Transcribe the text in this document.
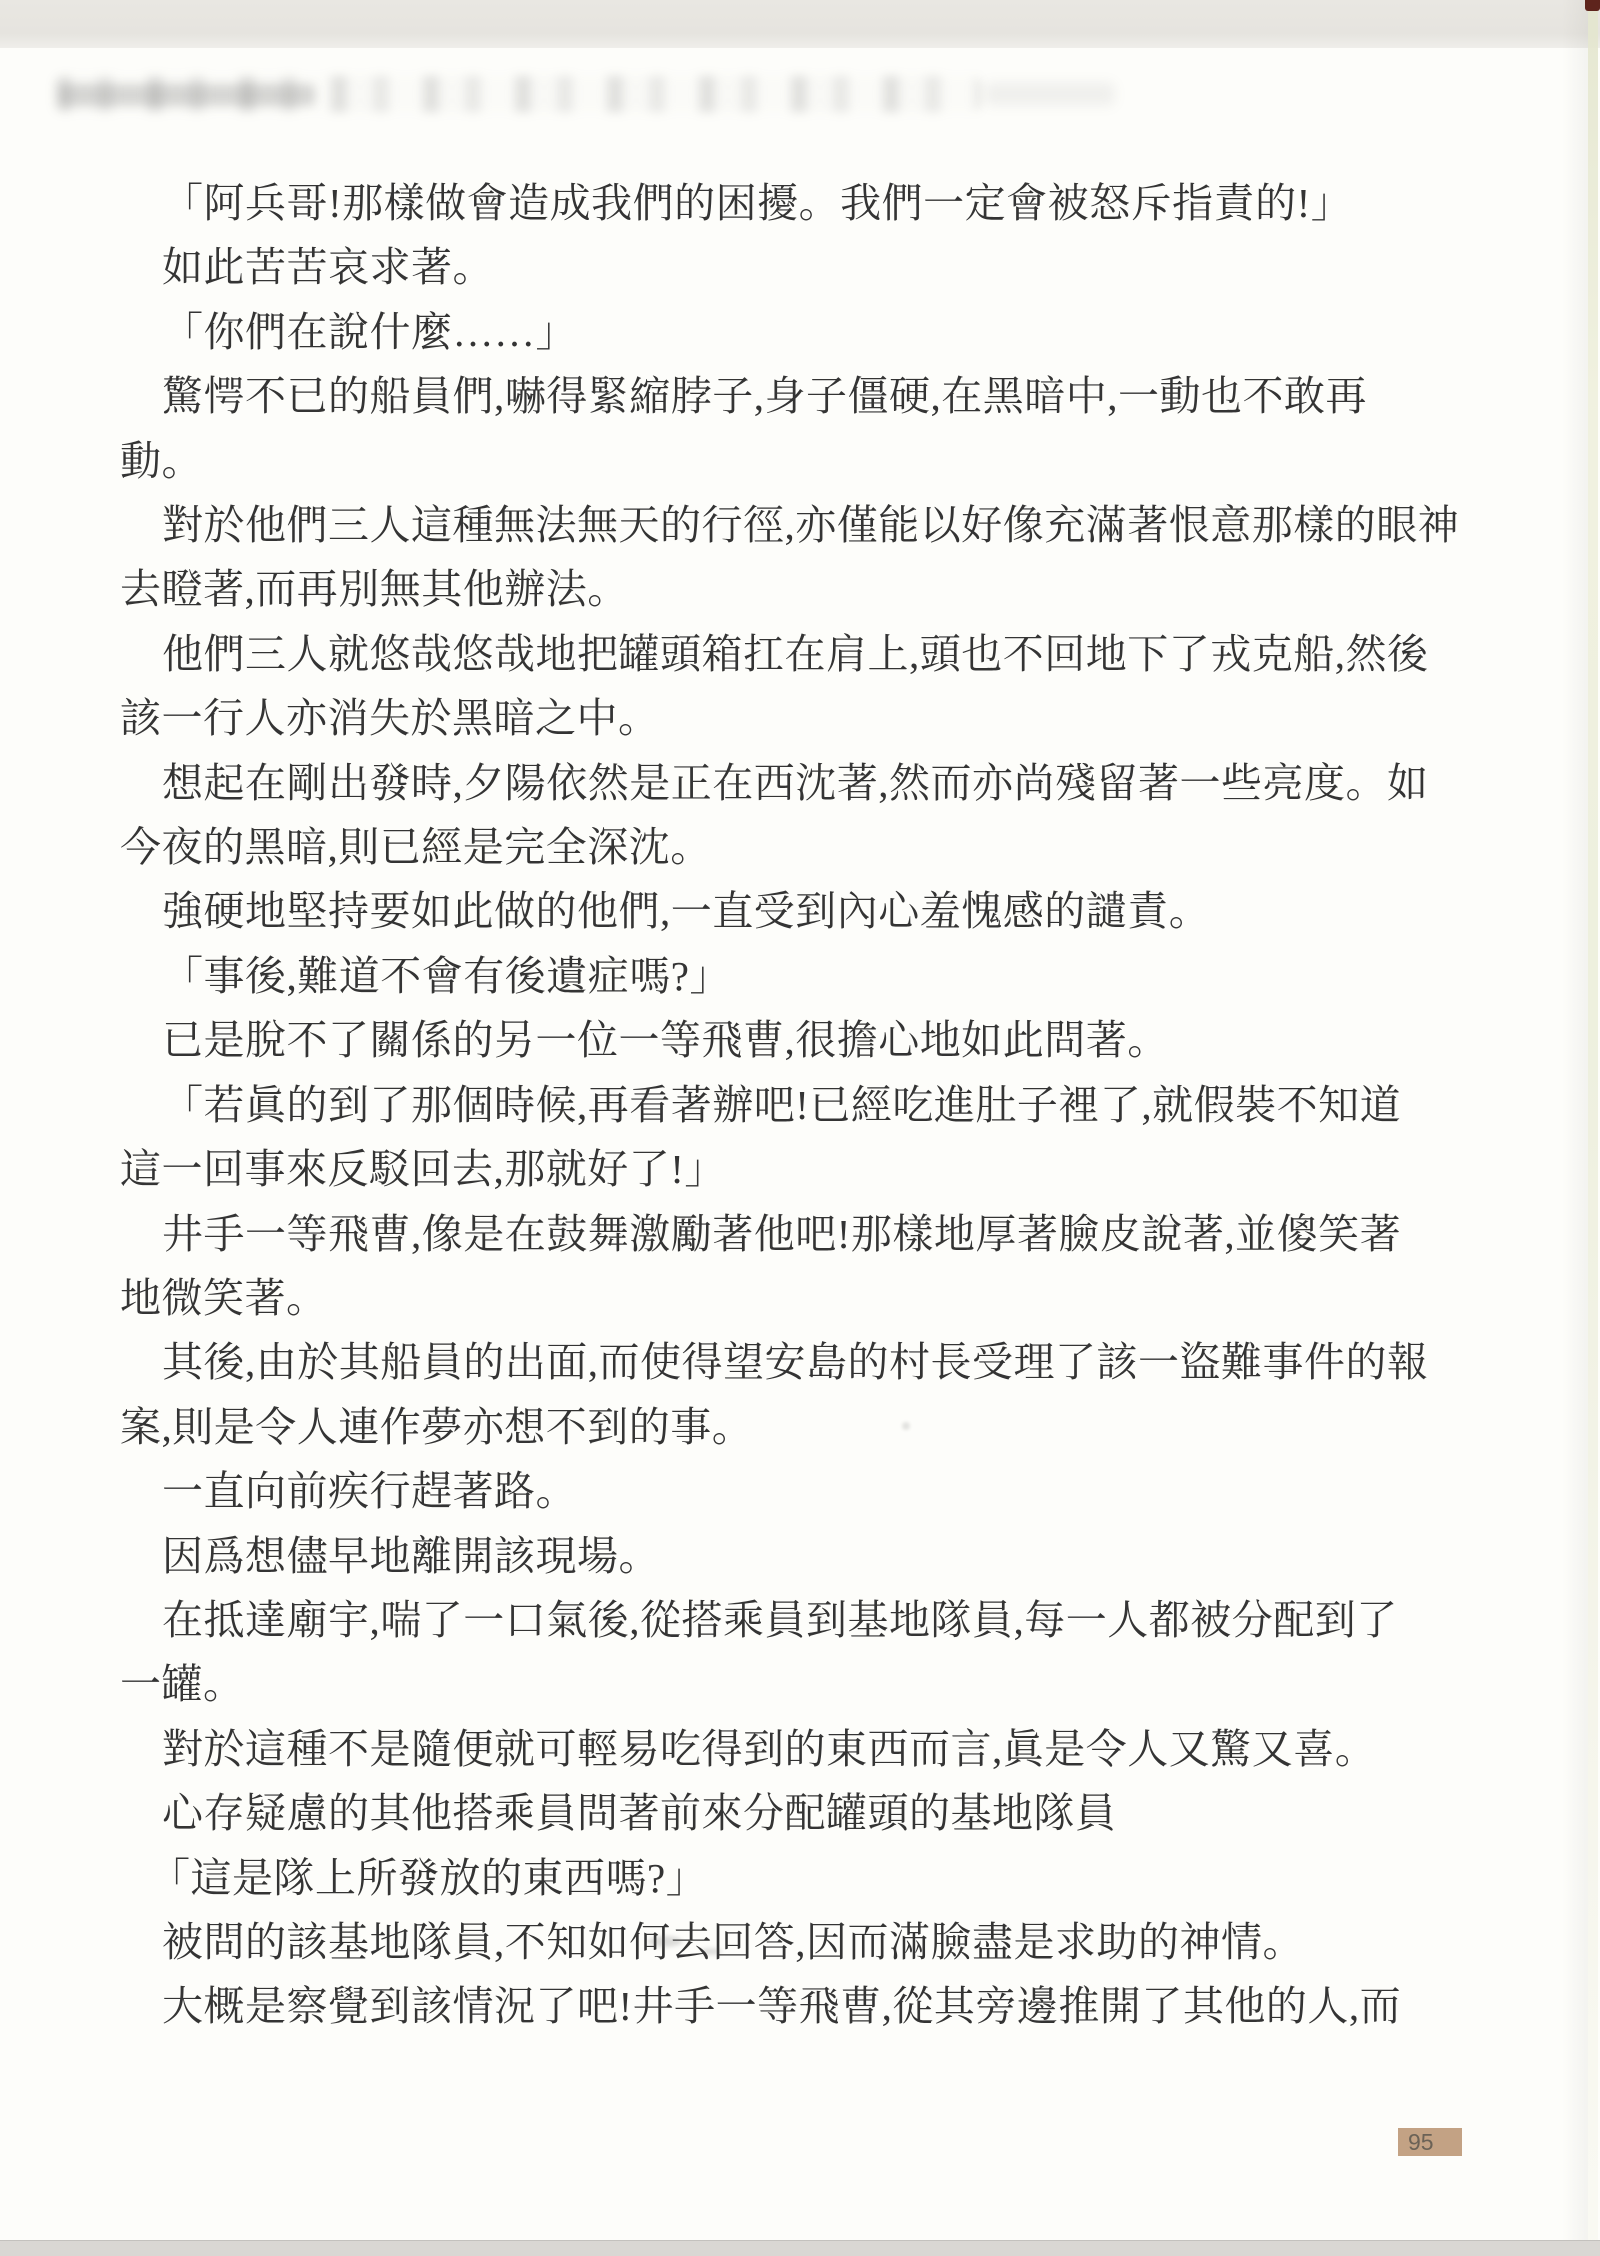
「阿兵哥!那樣做會造成我們的困擾。我們一定會被怒斥指責的!」
如此苦苦哀求著。
「你們在說什麼……」
驚愕不已的船員們,嚇得緊縮脖子,身子僵硬,在黑暗中,一動也不敢再
動。
對於他們三人這種無法無天的行徑,亦僅能以好像充滿著恨意那樣的眼神
去瞪著,而再別無其他辦法。
他們三人就悠哉悠哉地把罐頭箱扛在肩上,頭也不回地下了戎克船,然後
該一行人亦消失於黑暗之中。
想起在剛出發時,夕陽依然是正在西沈著,然而亦尚殘留著一些亮度。如
今夜的黑暗,則已經是完全深沈。
強硬地堅持要如此做的他們,一直受到內心羞愧感的譴責。
「事後,難道不會有後遺症嗎?」
已是脫不了關係的另一位一等飛曹,很擔心地如此問著。
「若眞的到了那個時候,再看著辦吧!已經吃進肚子裡了,就假裝不知道
這一回事來反駁回去,那就好了!」
井手一等飛曹,像是在鼓舞激勵著他吧!那樣地厚著臉皮說著,並傻笑著
地微笑著。
其後,由於其船員的出面,而使得望安島的村長受理了該一盜難事件的報
案,則是令人連作夢亦想不到的事。
一直向前疾行趕著路。
因爲想儘早地離開該現場。
在抵達廟宇,喘了一口氣後,從搭乘員到基地隊員,每一人都被分配到了
一罐。
對於這種不是隨便就可輕易吃得到的東西而言,眞是令人又驚又喜。
心存疑慮的其他搭乘員問著前來分配罐頭的基地隊員
「這是隊上所發放的東西嗎?」
被問的該基地隊員,不知如何去回答,因而滿臉盡是求助的神情。
大概是察覺到該情況了吧!井手一等飛曹,從其旁邊推開了其他的人,而
95
